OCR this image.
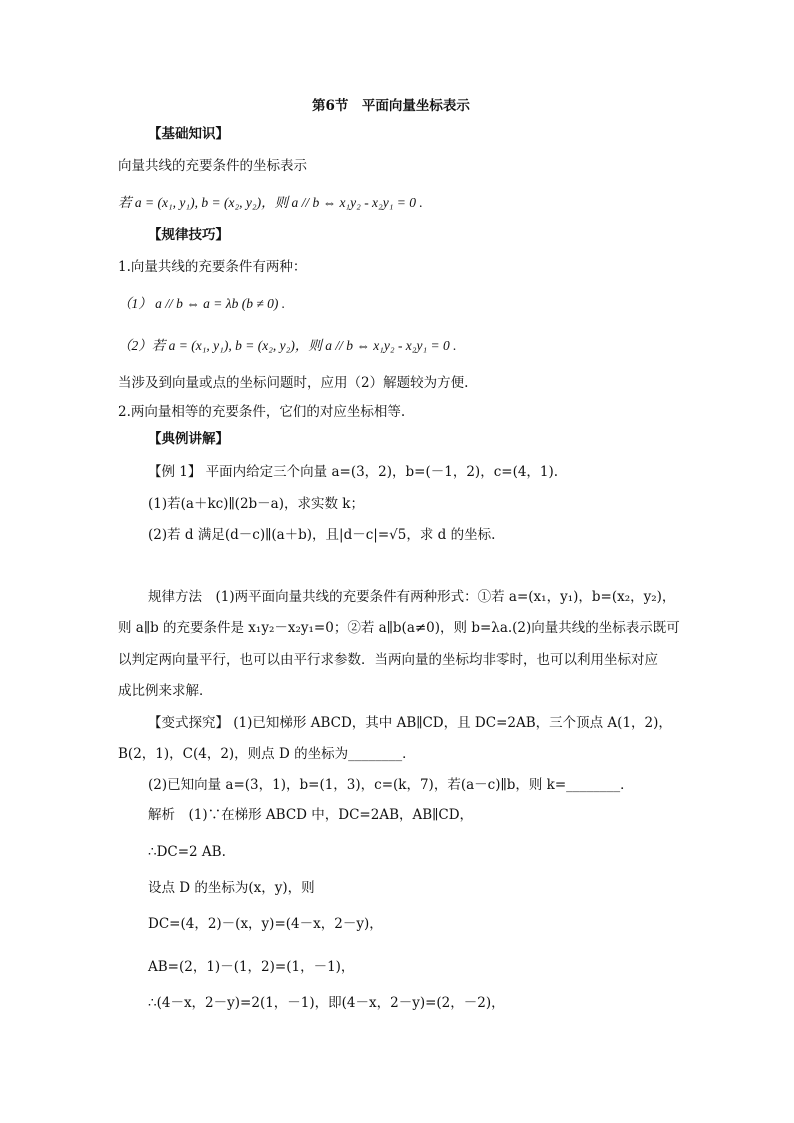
第6节　平面向量坐标表示
【基础知识】
向量共线的充要条件的坐标表示
若 a = (x₁, y₁), b = (x₂, y₂)，则 a // b ⇔ x₁y₂ - x₂y₁ = 0 .
【规律技巧】
1.向量共线的充要条件有两种：
（1） a // b ⇔ a = λb (b ≠ 0) .
（2）若 a = (x₁, y₁), b = (x₂, y₂)，则 a // b ⇔ x₁y₂ - x₂y₁ = 0 .
当涉及到向量或点的坐标问题时，应用（2）解题较为方便.
2.两向量相等的充要条件，它们的对应坐标相等.
【典例讲解】
【例 1】 平面内给定三个向量 a=(3，2)，b=(－1，2)，c=(4，1).
(1)若(a＋kc)∥(2b－a)，求实数 k；
(2)若 d 满足(d－c)∥(a＋b)，且|d－c|=√5，求 d 的坐标.
规律方法　(1)两平面向量共线的充要条件有两种形式：①若 a=(x₁，y₁)，b=(x₂，y₂)，
则 a∥b 的充要条件是 x₁y₂－x₂y₁=0；②若 a∥b(a≠0)，则 b=λa.(2)向量共线的坐标表示既可
以判定两向量平行，也可以由平行求参数．当两向量的坐标均非零时，也可以利用坐标对应
成比例来求解．
【变式探究】 (1)已知梯形 ABCD，其中 AB∥CD，且 DC=2AB，三个顶点 A(1，2)，
B(2，1)，C(4，2)，则点 D 的坐标为________．
(2)已知向量 a=(3，1)，b=(1，3)，c=(k，7)，若(a－c)∥b，则 k=________．
解析　(1)∵在梯形 ABCD 中，DC=2AB，AB∥CD，
∴DC=2 AB.
设点 D 的坐标为(x，y)，则
DC=(4，2)－(x，y)=(4－x，2－y)，
AB=(2，1)－(1，2)=(1，－1)，
∴(4－x，2－y)=2(1，－1)，即(4－x，2－y)=(2，－2)，
